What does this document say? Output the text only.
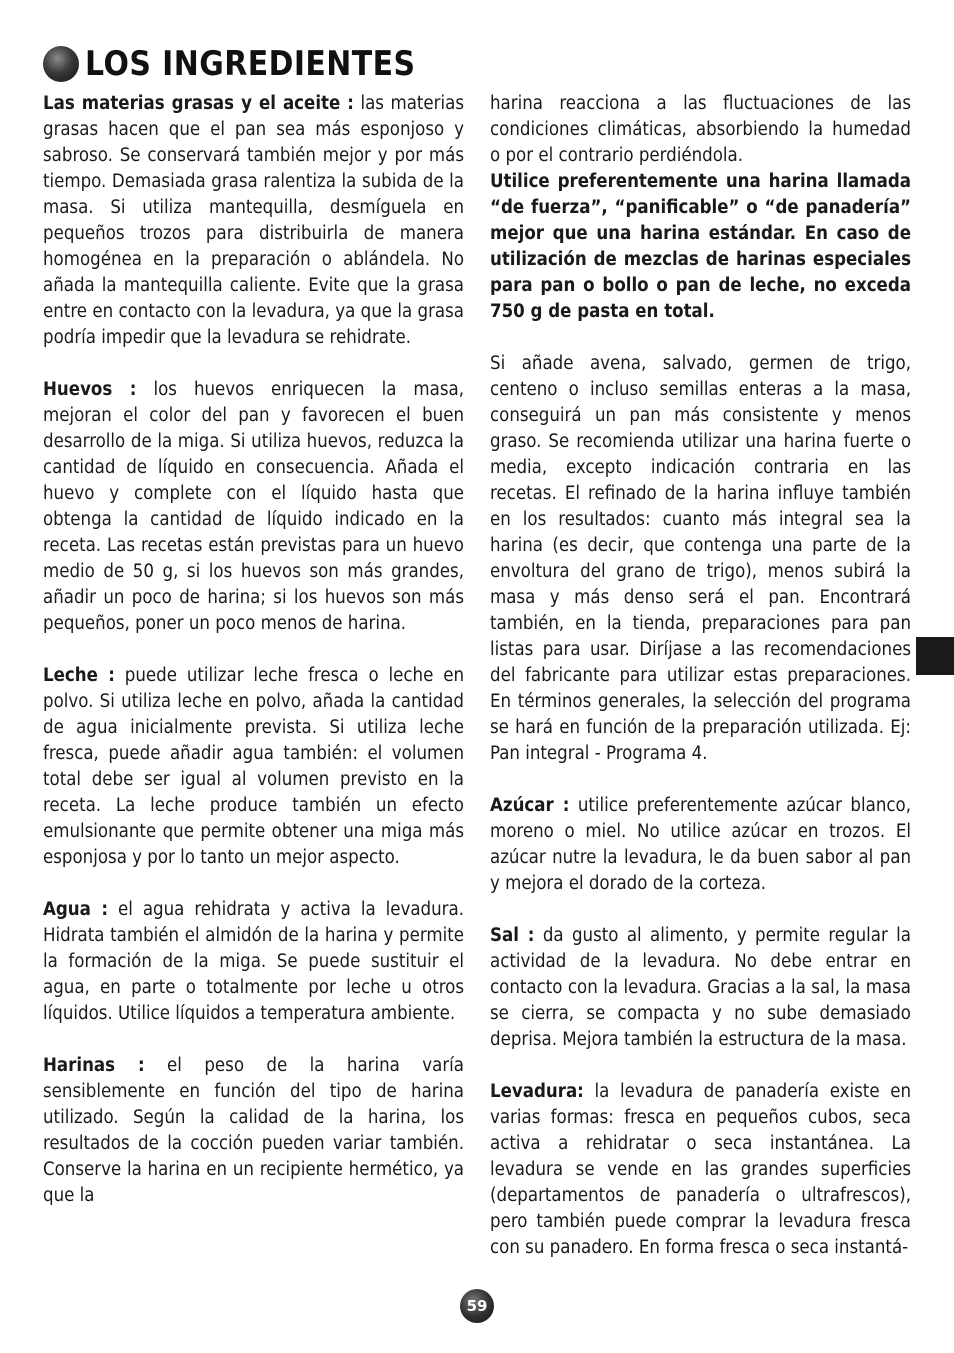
LOS INGREDIENTES

Las materias grasas y el aceite : las materias grasas hacen que el pan sea más esponjoso y sabroso. Se conservará también mejor y por más tiempo. Demasiada grasa ralentiza la subida de la masa. Si utiliza mantequilla, desmíguela en pequeños trozos para distribuirla de manera homogénea en la preparación o ablándela. No añada la mantequilla caliente. Evite que la grasa entre en contacto con la levadura, ya que la grasa podría impedir que la levadura se rehidrate.

Huevos : los huevos enriquecen la masa, mejoran el color del pan y favorecen el buen desarrollo de la miga. Si utiliza huevos, reduzca la cantidad de líquido en consecuencia. Añada el huevo y complete con el líquido hasta que obtenga la cantidad de líquido indicado en la receta. Las recetas están previstas para un huevo medio de 50 g, si los huevos son más grandes, añadir un poco de harina; si los huevos son más pequeños, poner un poco menos de harina.

Leche : puede utilizar leche fresca o leche en polvo. Si utiliza leche en polvo, añada la cantidad de agua inicialmente prevista. Si utiliza leche fresca, puede añadir agua también: el volumen total debe ser igual al volumen previsto en la receta. La leche produce también un efecto emulsionante que permite obtener una miga más esponjosa y por lo tanto un mejor aspecto.

Agua : el agua rehidrata y activa la levadura. Hidrata también el almidón de la harina y permite la formación de la miga. Se puede sustituir el agua, en parte o totalmente por leche u otros líquidos. Utilice líquidos a temperatura ambiente.

Harinas : el peso de la harina varía sensiblemente en función del tipo de harina utilizado. Según la calidad de la harina, los resultados de la cocción pueden variar también. Conserve la harina en un recipiente hermético, ya que la

harina reacciona a las fluctuaciones de las condiciones climáticas, absorbiendo la humedad o por el contrario perdiéndola.

Utilice preferentemente una harina llamada “de fuerza”, “panificable” o “de panadería” mejor que una harina estándar. En caso de utilización de mezclas de harinas especiales para pan o bollo o pan de leche, no exceda 750 g de pasta en total.

Si añade avena, salvado, germen de trigo, centeno o incluso semillas enteras a la masa, conseguirá un pan más consistente y menos graso. Se recomienda utilizar una harina fuerte o media, excepto indicación contraria en las recetas. El refinado de la harina influye también en los resultados: cuanto más integral sea la harina (es decir, que contenga una parte de la envoltura del grano de trigo), menos subirá la masa y más denso será el pan. Encontrará también, en la tienda, preparaciones para pan listas para usar. Diríjase a las recomendaciones del fabricante para utilizar estas preparaciones. En términos generales, la selección del programa se hará en función de la preparación utilizada. Ej: Pan integral - Programa 4.

Azúcar : utilice preferentemente azúcar blanco, moreno o miel. No utilice azúcar en trozos. El azúcar nutre la levadura, le da buen sabor al pan y mejora el dorado de la corteza.

Sal : da gusto al alimento, y permite regular la actividad de la levadura. No debe entrar en contacto con la levadura. Gracias a la sal, la masa se cierra, se compacta y no sube demasiado deprisa. Mejora también la estructura de la masa.

Levadura: la levadura de panadería existe en varias formas: fresca en pequeños cubos, seca activa a rehidratar o seca instantánea. La levadura se vende en las grandes superficies (departamentos de panadería o ultrafrescos), pero también puede comprar la levadura fresca con su panadero. En forma fresca o seca instantá-

59
